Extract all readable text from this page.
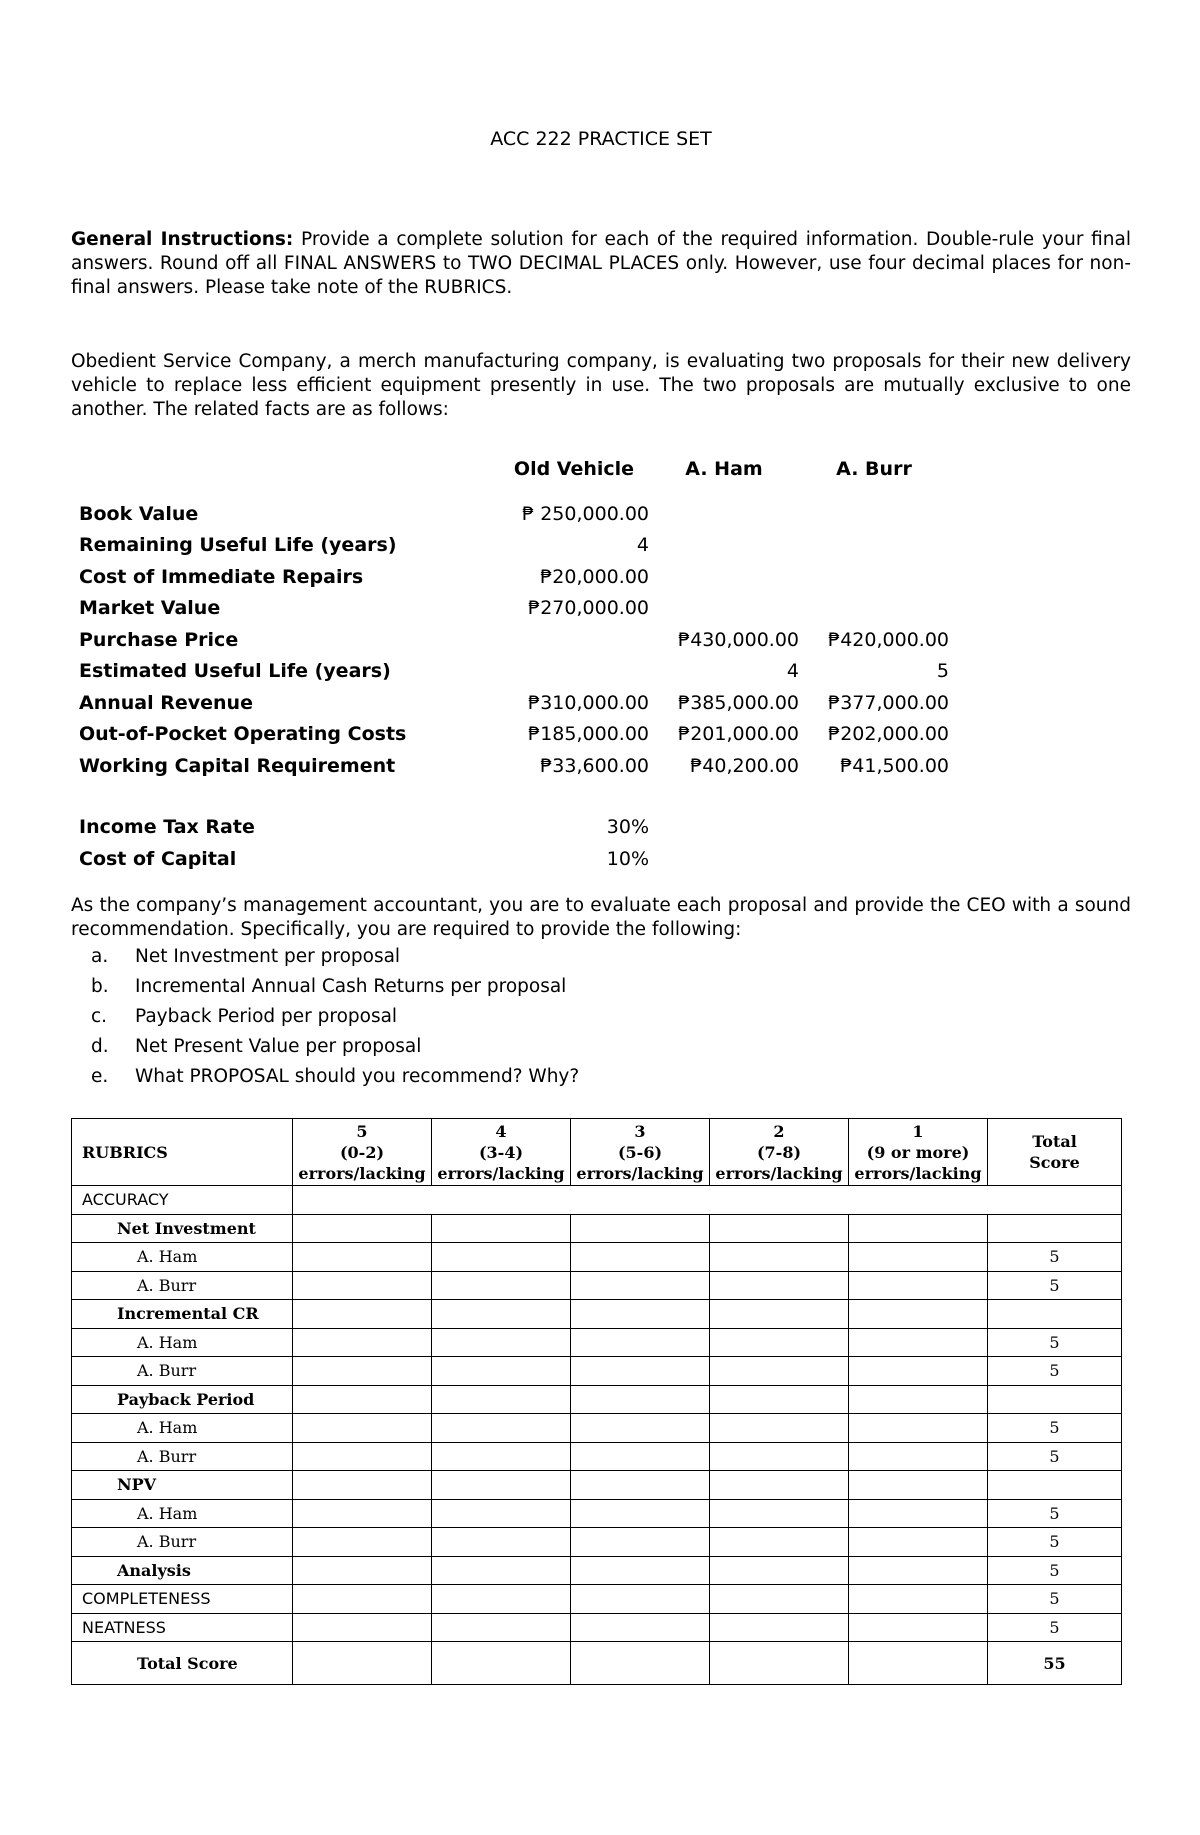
ACC 222 PRACTICE SET
General Instructions: Provide a complete solution for each of the required information. Double-rule your final answers. Round off all FINAL ANSWERS to TWO DECIMAL PLACES only. However, use four decimal places for non-final answers. Please take note of the RUBRICS.
Obedient Service Company, a merch manufacturing company, is evaluating two proposals for their new delivery vehicle to replace less efficient equipment presently in use. The two proposals are mutually exclusive to one another. The related facts are as follows:
	Old Vehicle	A. Ham	A. Burr
Book Value	₱ 250,000.00		
Remaining Useful Life (years)	4		
Cost of Immediate Repairs	₱20,000.00		
Market Value	₱270,000.00		
Purchase Price		₱430,000.00	₱420,000.00
Estimated Useful Life (years)		4	5
Annual Revenue	₱310,000.00	₱385,000.00	₱377,000.00
Out-of-Pocket Operating Costs	₱185,000.00	₱201,000.00	₱202,000.00
Working Capital Requirement	₱33,600.00	₱40,200.00	₱41,500.00

Income Tax Rate	30%		
Cost of Capital	10%		
As the company’s management accountant, you are to evaluate each proposal and provide the CEO with a sound recommendation. Specifically, you are required to provide the following:
a. Net Investment per proposal
b. Incremental Annual Cash Returns per proposal
c. Payback Period per proposal
d. Net Present Value per proposal
e. What PROPOSAL should you recommend? Why?
RUBRICS	5
(0-2)
errors/lacking	4
(3-4)
errors/lacking	3
(5-6)
errors/lacking	2
(7-8)
errors/lacking	1
(9 or more)
errors/lacking	Total
Score
ACCURACY						
Net Investment						
A. Ham						5
A. Burr						5
Incremental CR						
A. Ham						5
A. Burr						5
Payback Period						
A. Ham						5
A. Burr						5
NPV						
A. Ham						5
A. Burr						5
Analysis						5
COMPLETENESS						5
NEATNESS						5
Total Score						55
